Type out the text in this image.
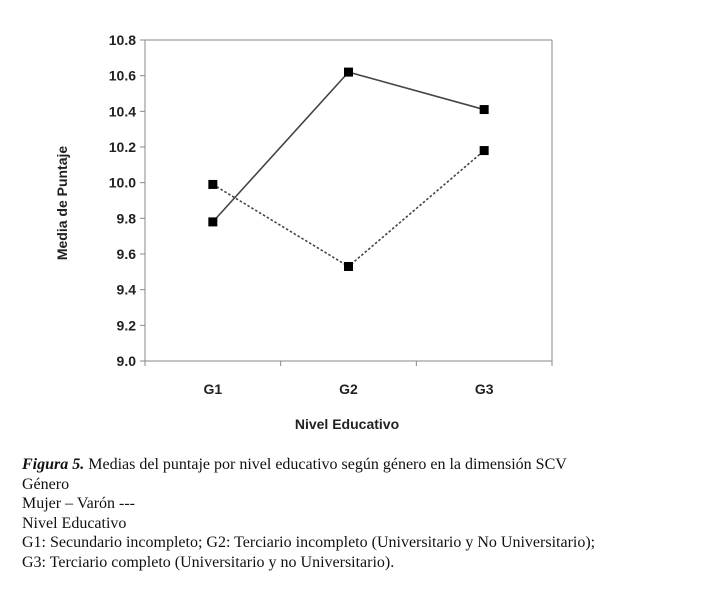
9.0
9.2
9.4
9.6
9.8
10.0
10.2
10.4
10.6
10.8
G1	G2	G3
Nivel Educativo
Media de Puntaje
Figura 5. Medias del puntaje por nivel educativo según género en la dimensión SCV
Género
Mujer – Varón ---
Nivel Educativo
G1: Secundario incompleto; G2: Terciario incompleto (Universitario y No Universitario);
G3: Terciario completo (Universitario y no Universitario).
